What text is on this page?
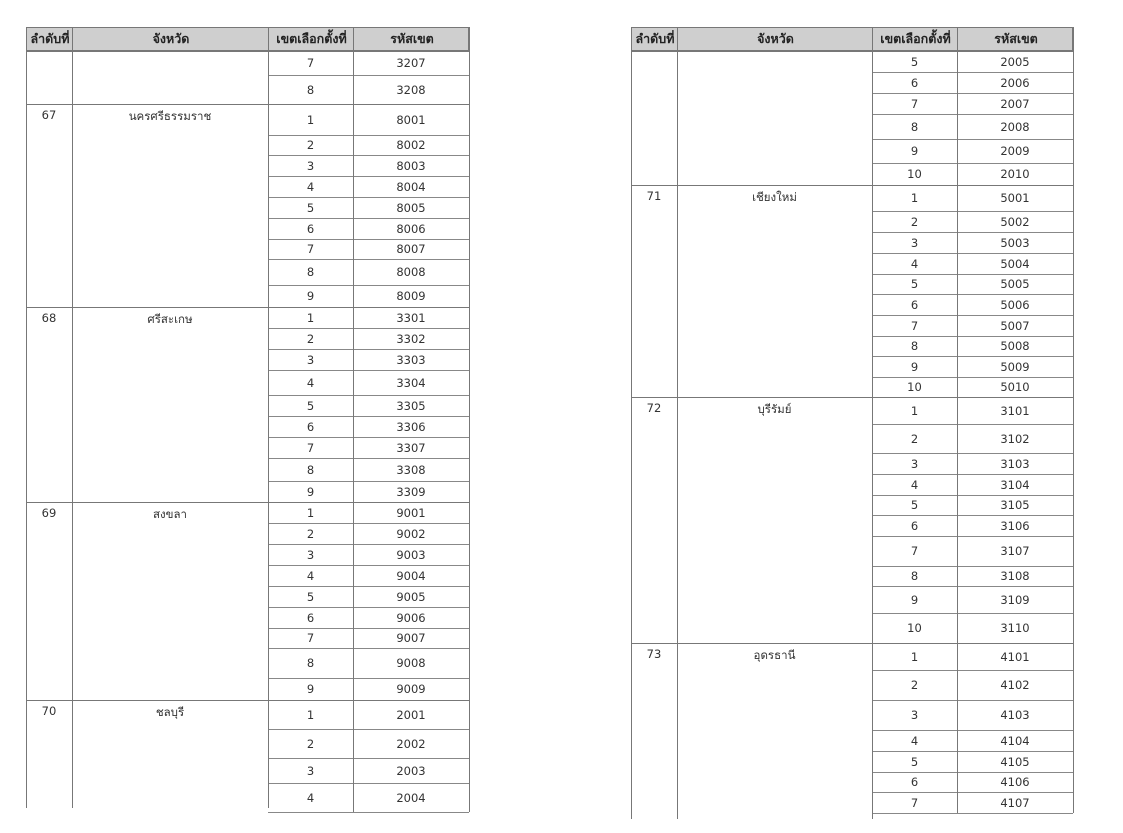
ลำดับที่	จังหวัด	เขตเลือกตั้งที่	รหัสเขต
7	3207
8	3208
67	นครศรีธรรมราช	1	8001
2	8002
3	8003
4	8004
5	8005
6	8006
7	8007
8	8008
9	8009
68	ศรีสะเกษ	1	3301
2	3302
3	3303
4	3304
5	3305
6	3306
7	3307
8	3308
9	3309
69	สงขลา	1	9001
2	9002
3	9003
4	9004
5	9005
6	9006
7	9007
8	9008
9	9009
70	ชลบุรี	1	2001
2	2002
3	2003
4	2004
ลำดับที่	จังหวัด	เขตเลือกตั้งที่	รหัสเขต
5	2005
6	2006
7	2007
8	2008
9	2009
10	2010
71	เชียงใหม่	1	5001
2	5002
3	5003
4	5004
5	5005
6	5006
7	5007
8	5008
9	5009
10	5010
72	บุรีรัมย์	1	3101
2	3102
3	3103
4	3104
5	3105
6	3106
7	3107
8	3108
9	3109
10	3110
73	อุดรธานี	1	4101
2	4102
3	4103
4	4104
5	4105
6	4106
7	4107
